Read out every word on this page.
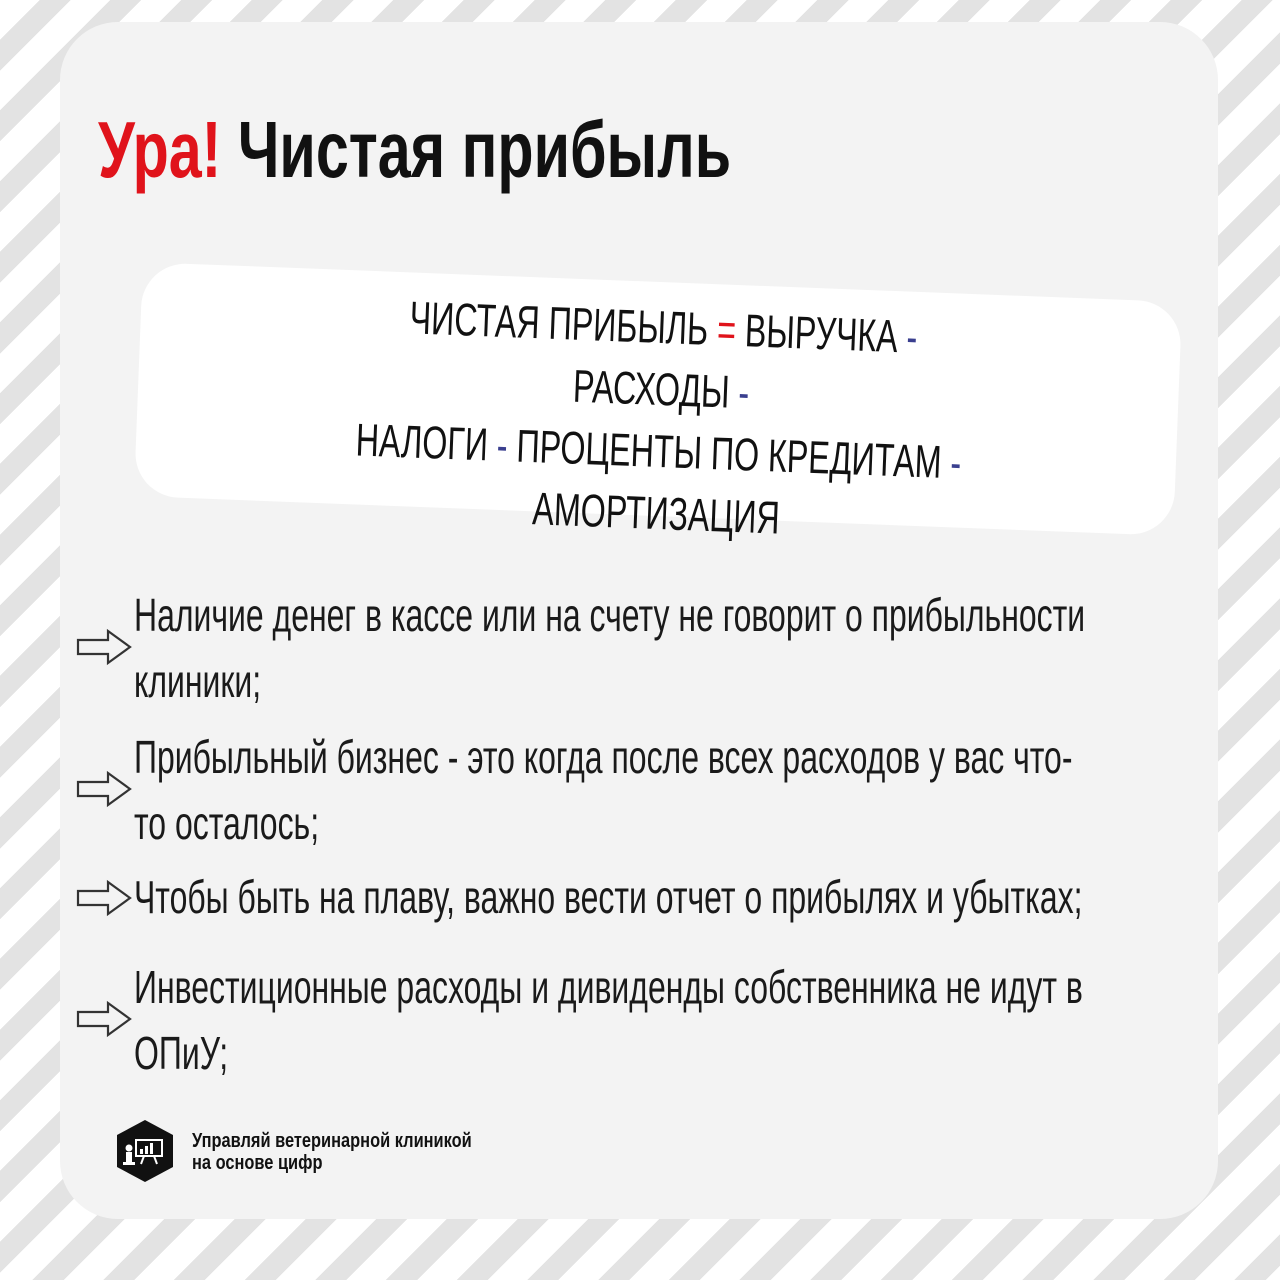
Ура! Чистая прибыль
ЧИСТАЯ ПРИБЫЛЬ = ВЫРУЧКА - РАСХОДЫ -
НАЛОГИ - ПРОЦЕНТЫ ПО КРЕДИТАМ -
АМОРТИЗАЦИЯ
Наличие денег в кассе или на счету не говорит о прибыльности
клиники;
Прибыльный бизнес - это когда после всех расходов у вас что-
то осталось;
Чтобы быть на плаву, важно вести отчет о прибылях и убытках;
Инвестиционные расходы и дивиденды собственника не идут в
ОПиУ;
Управляй ветеринарной клиникой
на основе цифр
